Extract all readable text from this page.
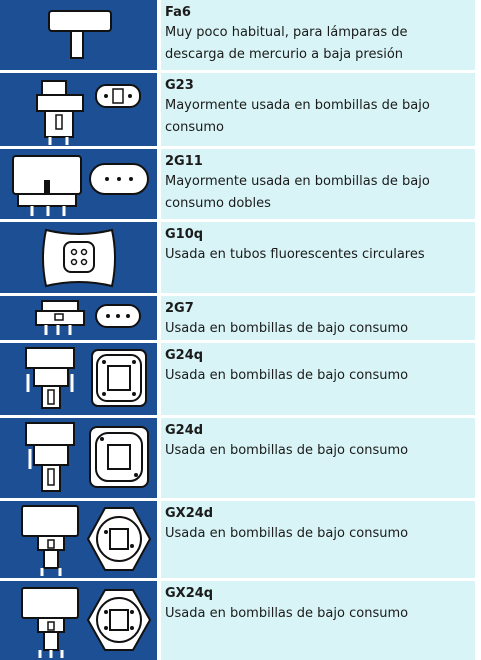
Fa6
Muy poco habitual, para lámparas de descarga de mercurio a baja presión
G23
Mayormente usada en bombillas de bajo consumo
2G11
Mayormente usada en bombillas de bajo consumo dobles
G10q
Usada en tubos fluorescentes circulares
2G7
Usada en bombillas de bajo consumo
G24q
Usada en bombillas de bajo consumo
G24d
Usada en bombillas de bajo consumo
GX24d
Usada en bombillas de bajo consumo
GX24q
Usada en bombillas de bajo consumo
